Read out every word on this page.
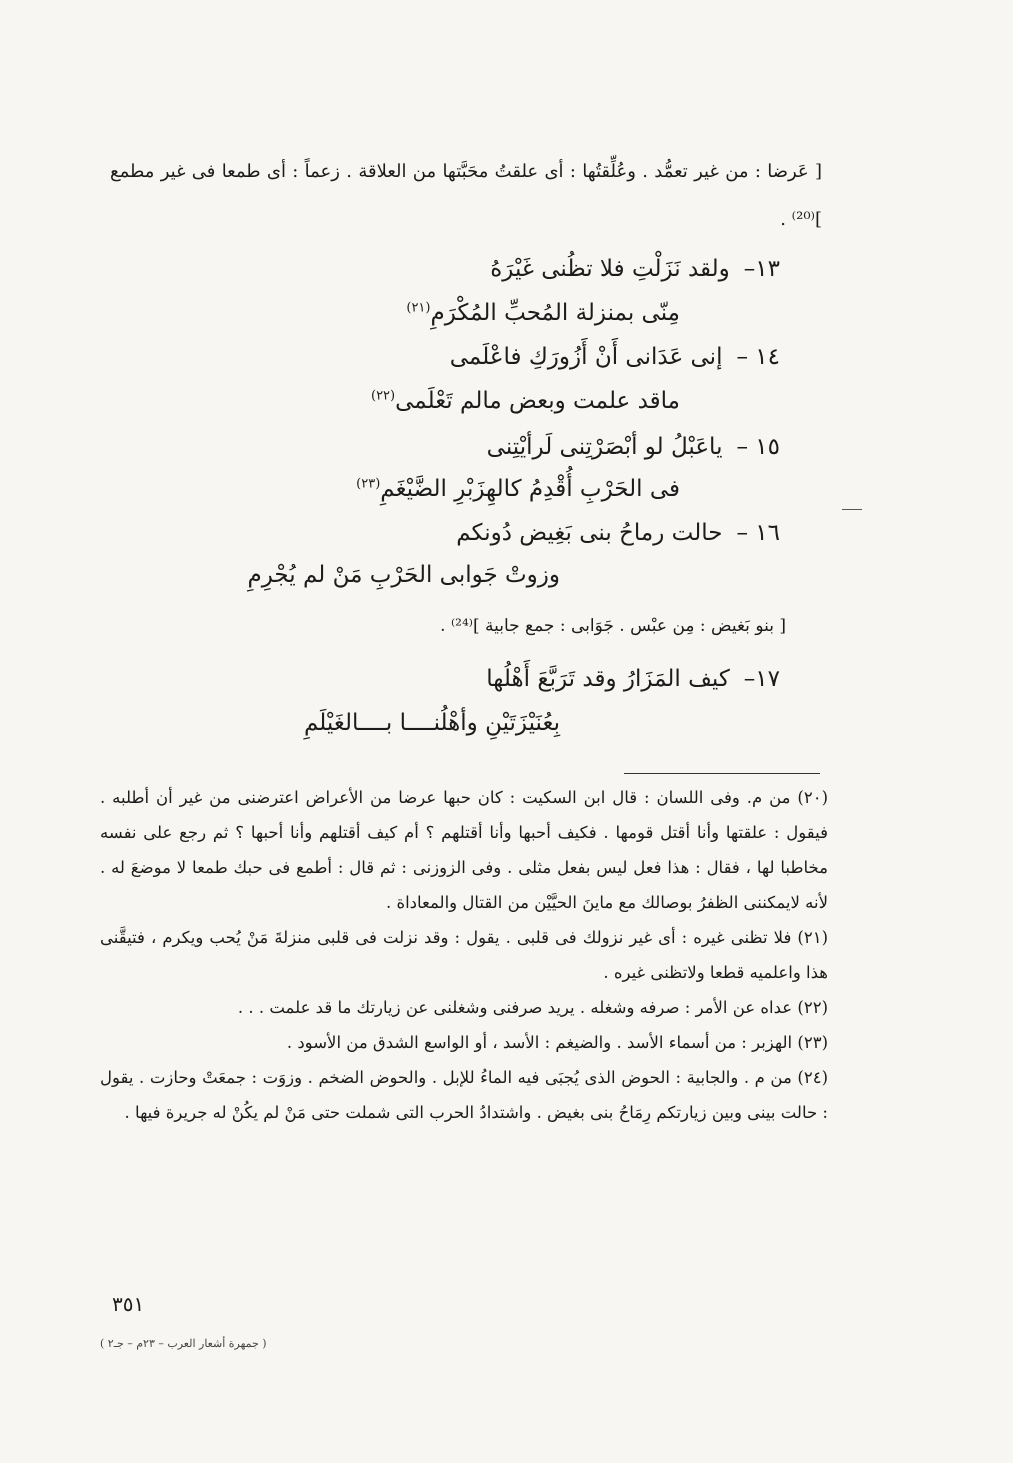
[ عَرضا : من غير تعمُّد . وعُلِّقتُها : أى علقتُ محَبَّتها من العلاقة . زعماً : أى طمعا فى غير مطمع ]⁽²⁰⁾ .
١٣–ولقد نَزَلْتِ فلا تظُنى غَيْرَهُ
مِنّى بمنزلة المُحبِّ المُكْرَمِ$^{(٢١)}$
١٤ –إنى عَدَانى أَنْ أَزُورَكِ فاعْلَمى
ماقد علمت وبعض مالم تَعْلَمى$^{(٢٢)}$
١٥ –ياعَبْلُ لو أبْصَرْتِنى لَرأيْتِنى
فى الحَرْبِ أُقْدِمُ كالهِزَبْرِ الضَّيْغَمِ$^{(٢٣)}$
١٦ –حالت رماحُ بنى بَغِيض دُونكم
وزوتْ جَوابى الحَرْبِ مَنْ لم يُجْرِمِ
[ بنو بَغيض : مِن عبْس . جَوَابى : جمع جابية ]⁽²⁴⁾ .
١٧–كيف المَزَارُ وقد تَرَبَّعَ أَهْلُها
بِعُنَيْزَتَيْنِ وأهْلُنــــا بــــالغَيْلَمِ

(٢٠) من م. وفى اللسان : قال ابن السكيت : كان حبها عرضا من الأعراض اعترضنى من غير أن أطلبه . فيقول : علقتها وأنا أقتل قومها . فكيف أحبها وأنا أقتلهم ؟ أم كيف أقتلهم وأنا أحبها ؟ ثم رجع على نفسه مخاطبا لها ، فقال : هذا فعل ليس بفعل مثلى . وفى الزوزنى : ثم قال : أطمع فى حبك طمعا لا موضعَ له . لأنه لايمكننى الظفرُ بوصالك مع ماينَ الحيَّيْن من القتال والمعاداة .

(٢١) فلا تظنى غيره : أى غير نزولك فى قلبى . يقول : وقد نزلت فى قلبى منزلةَ مَنْ يُحب ويكرم ، فتيقَّنى هذا واعلميه قطعا ولاتظنى غيره .

(٢٢) عداه عن الأمر : صرفه وشغله . يريد صرفنى وشغلنى عن زيارتك ما قد علمت . . .

(٢٣) الهزبر : من أسماء الأسد . والضيغم : الأسد ، أو الواسع الشدق من الأسود .

(٢٤) من م . والجابية : الحوض الذى يُجبَى فيه الماءُ للإبل . والحوض الضخم . وزوَت : جمعَتْ وحازت . يقول : حالت بينى وبين زيارتكم رِمَاحُ بنى بغيض . واشتدادُ الحرب التى شملت حتى مَنْ لم يكُنْ له جريرة فيها .

٣٥١
( جمهرة أشعار العرب – ٢٣م – جـ٢ )
